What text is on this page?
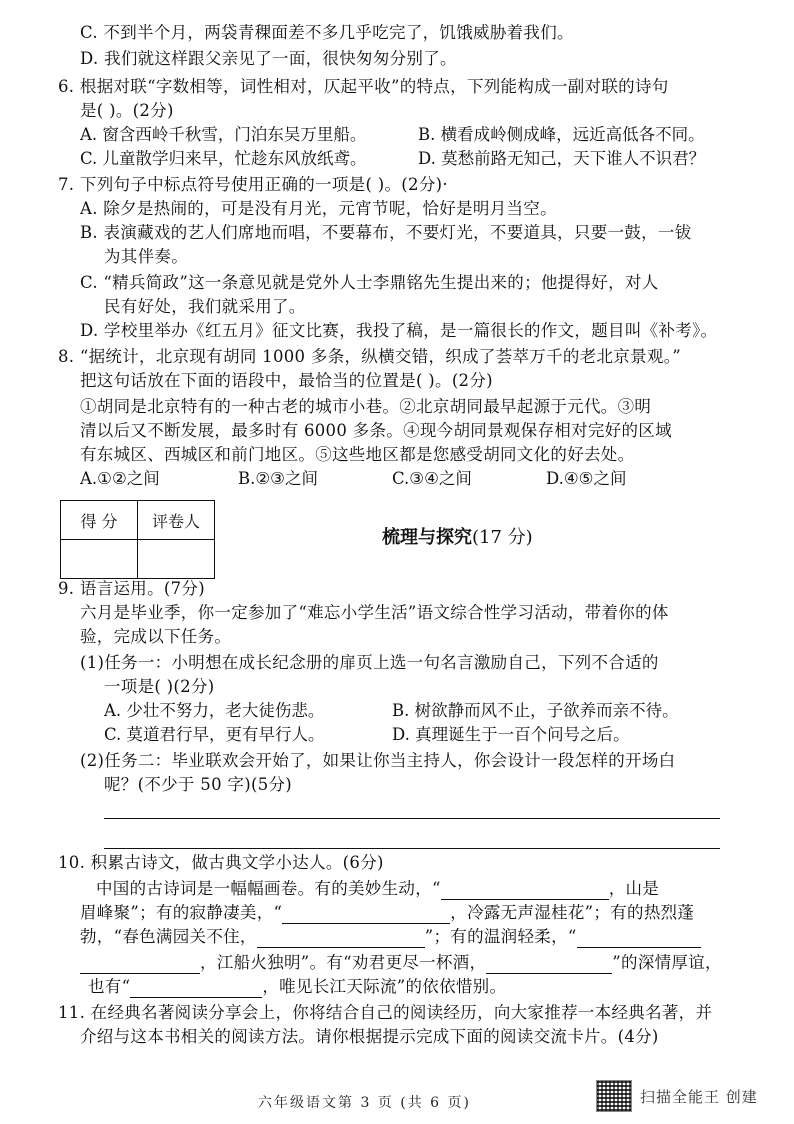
C. 不到半个月，两袋青稞面差不多几乎吃完了，饥饿威胁着我们。
D. 我们就这样跟父亲见了一面，很快匆匆分别了。
6. 根据对联“字数相等，词性相对，仄起平收”的特点，下列能构成一副对联的诗句
是( )。(2分)
A. 窗含西岭千秋雪，门泊东吴万里船。	B. 横看成岭侧成峰，远近高低各不同。
C. 儿童散学归来早，忙趁东风放纸鸢。	D. 莫愁前路无知己，天下谁人不识君？
7. 下列句子中标点符号使用正确的一项是( )。(2分)·
A. 除夕是热闹的，可是没有月光，元宵节呢，恰好是明月当空。
B. 表演藏戏的艺人们席地而唱，不要幕布，不要灯光，不要道具，只要一鼓，一钹
为其伴奏。
C. “精兵简政”这一条意见就是党外人士李鼎铭先生提出来的；他提得好，对人
民有好处，我们就采用了。
D. 学校里举办《红五月》征文比赛，我投了稿，是一篇很长的作文，题目叫《补考》。
8. “据统计，北京现有胡同 1000 多条，纵横交错，织成了荟萃万千的老北京景观。”
把这句话放在下面的语段中，最恰当的位置是( )。(2分)
①胡同是北京特有的一种古老的城市小巷。②北京胡同最早起源于元代。③明
清以后又不断发展，最多时有 6000 多条。④现今胡同景观保存相对完好的区域
有东城区、西城区和前门地区。⑤这些地区都是您感受胡同文化的好去处。
A.①②之间	B.②③之间	C.③④之间	D.④⑤之间
得 分	评卷人

梳理与探究(17 分)
9. 语言运用。(7分)
六月是毕业季，你一定参加了“难忘小学生活”语文综合性学习活动，带着你的体
验，完成以下任务。
(1)任务一：小明想在成长纪念册的扉页上选一句名言激励自己，下列不合适的
一项是( )(2分)
A. 少壮不努力，老大徒伤悲。	B. 树欲静而风不止，子欲养而亲不待。
C. 莫道君行早，更有早行人。	D. 真理诞生于一百个问号之后。
(2)任务二：毕业联欢会开始了，如果让你当主持人，你会设计一段怎样的开场白
呢？(不少于 50 字)(5分)
10. 积累古诗文，做古典文学小达人。(6分)
中国的古诗词是一幅幅画卷。有的美妙生动，“	，山是
眉峰聚”；有的寂静凄美，“	，冷露无声湿桂花”；有的热烈蓬
勃，“春色满园关不住，	”；有的温润轻柔，“
，江船火独明”。有“劝君更尽一杯酒，	”的深情厚谊，
也有“	，唯见长江天际流”的依依惜别。
11. 在经典名著阅读分享会上，你将结合自己的阅读经历，向大家推荐一本经典名著，并
介绍与这本书相关的阅读方法。请你根据提示完成下面的阅读交流卡片。(4分)
六年级语文第 3 页 (共 6 页)	扫描全能王 创建
